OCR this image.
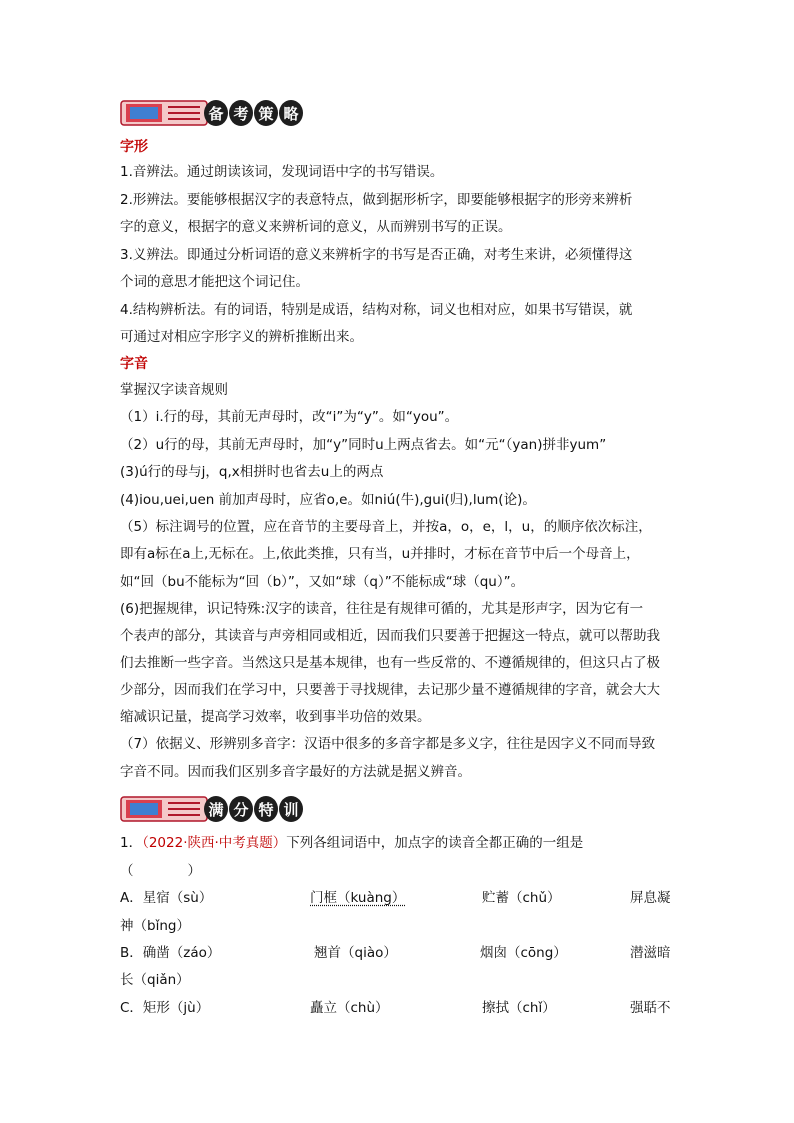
备 考 策 略
字形
1.音辨法。通过朗读该词，发现词语中字的书写错误。
2.形辨法。要能够根据汉字的表意特点，做到据形析字，即要能够根据字的形旁来辨析
字的意义，根据字的意义来辨析词的意义，从而辨别书写的正误。
3.义辨法。即通过分析词语的意义来辨析字的书写是否正确，对考生来讲，必须懂得这
个词的意思才能把这个词记住。
4.结构辨析法。有的词语，特别是成语，结构对称，词义也相对应，如果书写错误，就
可通过对相应字形字义的辨析推断出来。
字音
掌握汉字读音规则
（1）i.行的母，其前无声母时，改“i”为“y”。如“you”。
（2）u行的母，其前无声母时，加“y”同时u上两点省去。如“元“（yan)拼非yum”
(3)ú行的母与j，q,x相拼时也省去u上的两点
(4)iou,uei,uen 前加声母时，应省o,e。如niú(牛),gui(归),lum(论)。
（5）标注调号的位置，应在音节的主要母音上，并按a，o，e，l，u，的顺序依次标注，
即有a标在a上,无标在。上,依此类推，只有当，u并排时，才标在音节中后一个母音上，
如“回（bu不能标为“回（b）”，又如“球（q）”不能标成“球（qu）”。
(6)把握规律，识记特殊:汉字的读音，往往是有规律可循的，尤其是形声字，因为它有一
个表声的部分，其读音与声旁相同或相近，因而我们只要善于把握这一特点，就可以帮助我
们去推断一些字音。当然这只是基本规律，也有一些反常的、不遵循规律的，但这只占了极
少部分，因而我们在学习中，只要善于寻找规律，去记那少量不遵循规律的字音，就会大大
缩减识记量，提高学习效率，收到事半功倍的效果。
（7）依据义、形辨别多音字：汉语中很多的多音字都是多义字，往往是因字义不同而导致
字音不同。因而我们区别多音字最好的方法就是据义辨音。
满 分 特 训
1．（2022·陕西·中考真题）下列各组词语中，加点字的读音全都正确的一组是
（　　　　）
A．星宿（sù）	门框（kuàng）	贮蓄（chǔ）	屏息凝
神（bǐng）
B．确凿（záo）	翘首（qiào）	烟囱（cōng）	潜滋暗
长（qiǎn）
C．矩形（jù）	矗立（chù）	擦拭（chǐ）	强聒不
